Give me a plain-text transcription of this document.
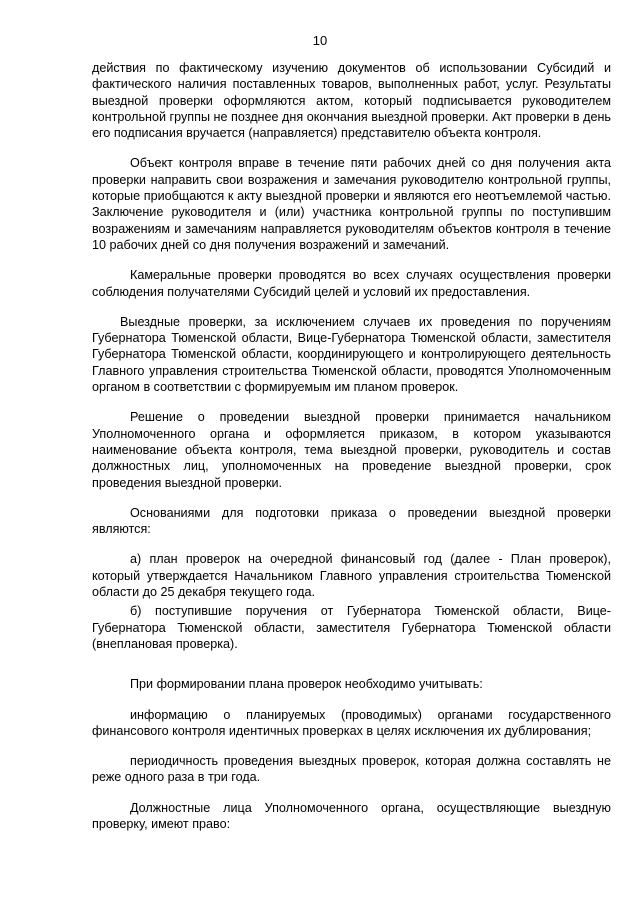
10

действия по фактическому изучению документов об использовании Субсидий и фактического наличия поставленных товаров, выполненных работ, услуг. Результаты выездной проверки оформляются актом, который подписывается руководителем контрольной группы не позднее дня окончания выездной проверки. Акт проверки в день его подписания вручается (направляется) представителю объекта контроля.

Объект контроля вправе в течение пяти рабочих дней со дня получения акта проверки направить свои возражения и замечания руководителю контрольной группы, которые приобщаются к акту выездной проверки и являются его неотъемлемой частью. Заключение руководителя и (или) участника контрольной группы по поступившим возражениям и замечаниям направляется руководителям объектов контроля в течение 10 рабочих дней со дня получения возражений и замечаний.

Камеральные проверки проводятся во всех случаях осуществления проверки соблюдения получателями Субсидий целей и условий их предоставления.

Выездные проверки, за исключением случаев их проведения по поручениям Губернатора Тюменской области, Вице-Губернатора Тюменской области, заместителя Губернатора Тюменской области, координирующего и контролирующего деятельность Главного управления строительства Тюменской области, проводятся Уполномоченным органом в соответствии с формируемым им планом проверок.

Решение о проведении выездной проверки принимается начальником Уполномоченного органа и оформляется приказом, в котором указываются наименование объекта контроля, тема выездной проверки, руководитель и состав должностных лиц, уполномоченных на проведение выездной проверки, срок проведения выездной проверки.

Основаниями для подготовки приказа о проведении выездной проверки являются:

а) план проверок на очередной финансовый год (далее - План проверок), который утверждается Начальником Главного управления строительства Тюменской области до 25 декабря текущего года.

б) поступившие поручения от Губернатора Тюменской области, Вице-Губернатора Тюменской области, заместителя Губернатора Тюменской области (внеплановая проверка).

При формировании плана проверок необходимо учитывать:

информацию о планируемых (проводимых) органами государственного финансового контроля идентичных проверках в целях исключения их дублирования;

периодичность проведения выездных проверок, которая должна составлять не реже одного раза в три года.

Должностные лица Уполномоченного органа, осуществляющие выездную проверку, имеют право:
